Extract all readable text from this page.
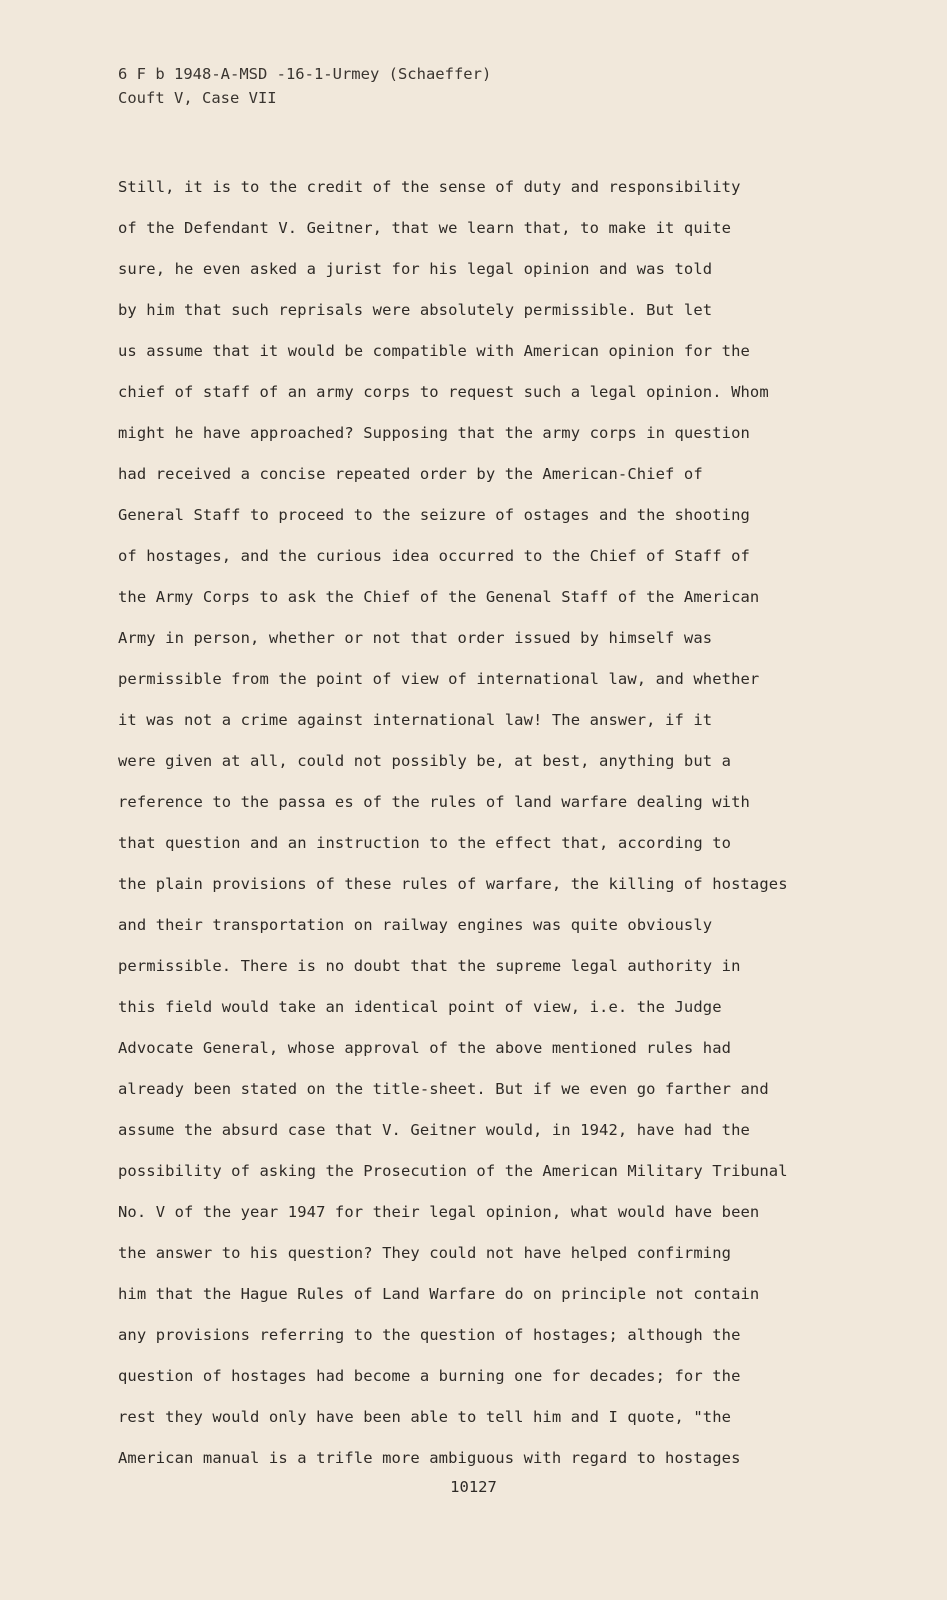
6 F b 1948-A-MSD -16-1-Urmey (Schaeffer)
Couft V, Case VII
Still, it is to the credit of the sense of duty and responsibility
of the Defendant V. Geitner, that we learn that, to make it quite
sure, he even asked a jurist for his legal opinion and was told
by him that such reprisals were absolutely permissible. But let
us assume that it would be compatible with American opinion for the
chief of staff of an army corps to request such a legal opinion. Whom
might he have approached? Supposing that the army corps in question
had received a concise repeated order by the American-Chief of
General Staff to proceed to the seizure of ostages and the shooting
of hostages, and the curious idea occurred to the Chief of Staff of
the Army Corps to ask the Chief of the Genenal Staff of the American
Army in person, whether or not that order issued by himself was
permissible from the point of view of international law, and whether
it was not a crime against international law! The answer, if it
were given at all, could not possibly be, at best, anything but a
reference to the passa es of the rules of land warfare dealing with
that question and an instruction to the effect that, according to
the plain provisions of these rules of warfare, the killing of hostages
and their transportation on railway engines was quite obviously
permissible. There is no doubt that the supreme legal authority in
this field would take an identical point of view, i.e. the Judge
Advocate General, whose approval of the above mentioned rules had
already been stated on the title-sheet. But if we even go farther and
assume the absurd case that V. Geitner would, in 1942, have had the
possibility of asking the Prosecution of the American Military Tribunal
No. V of the year 1947 for their legal opinion, what would have been
the answer to his question? They could not have helped confirming
him that the Hague Rules of Land Warfare do on principle not contain
any provisions referring to the question of hostages; although the
question of hostages had become a burning one for decades; for the
rest they would only have been able to tell him and I quote, "the
American manual is a trifle more ambiguous with regard to hostages
10127
